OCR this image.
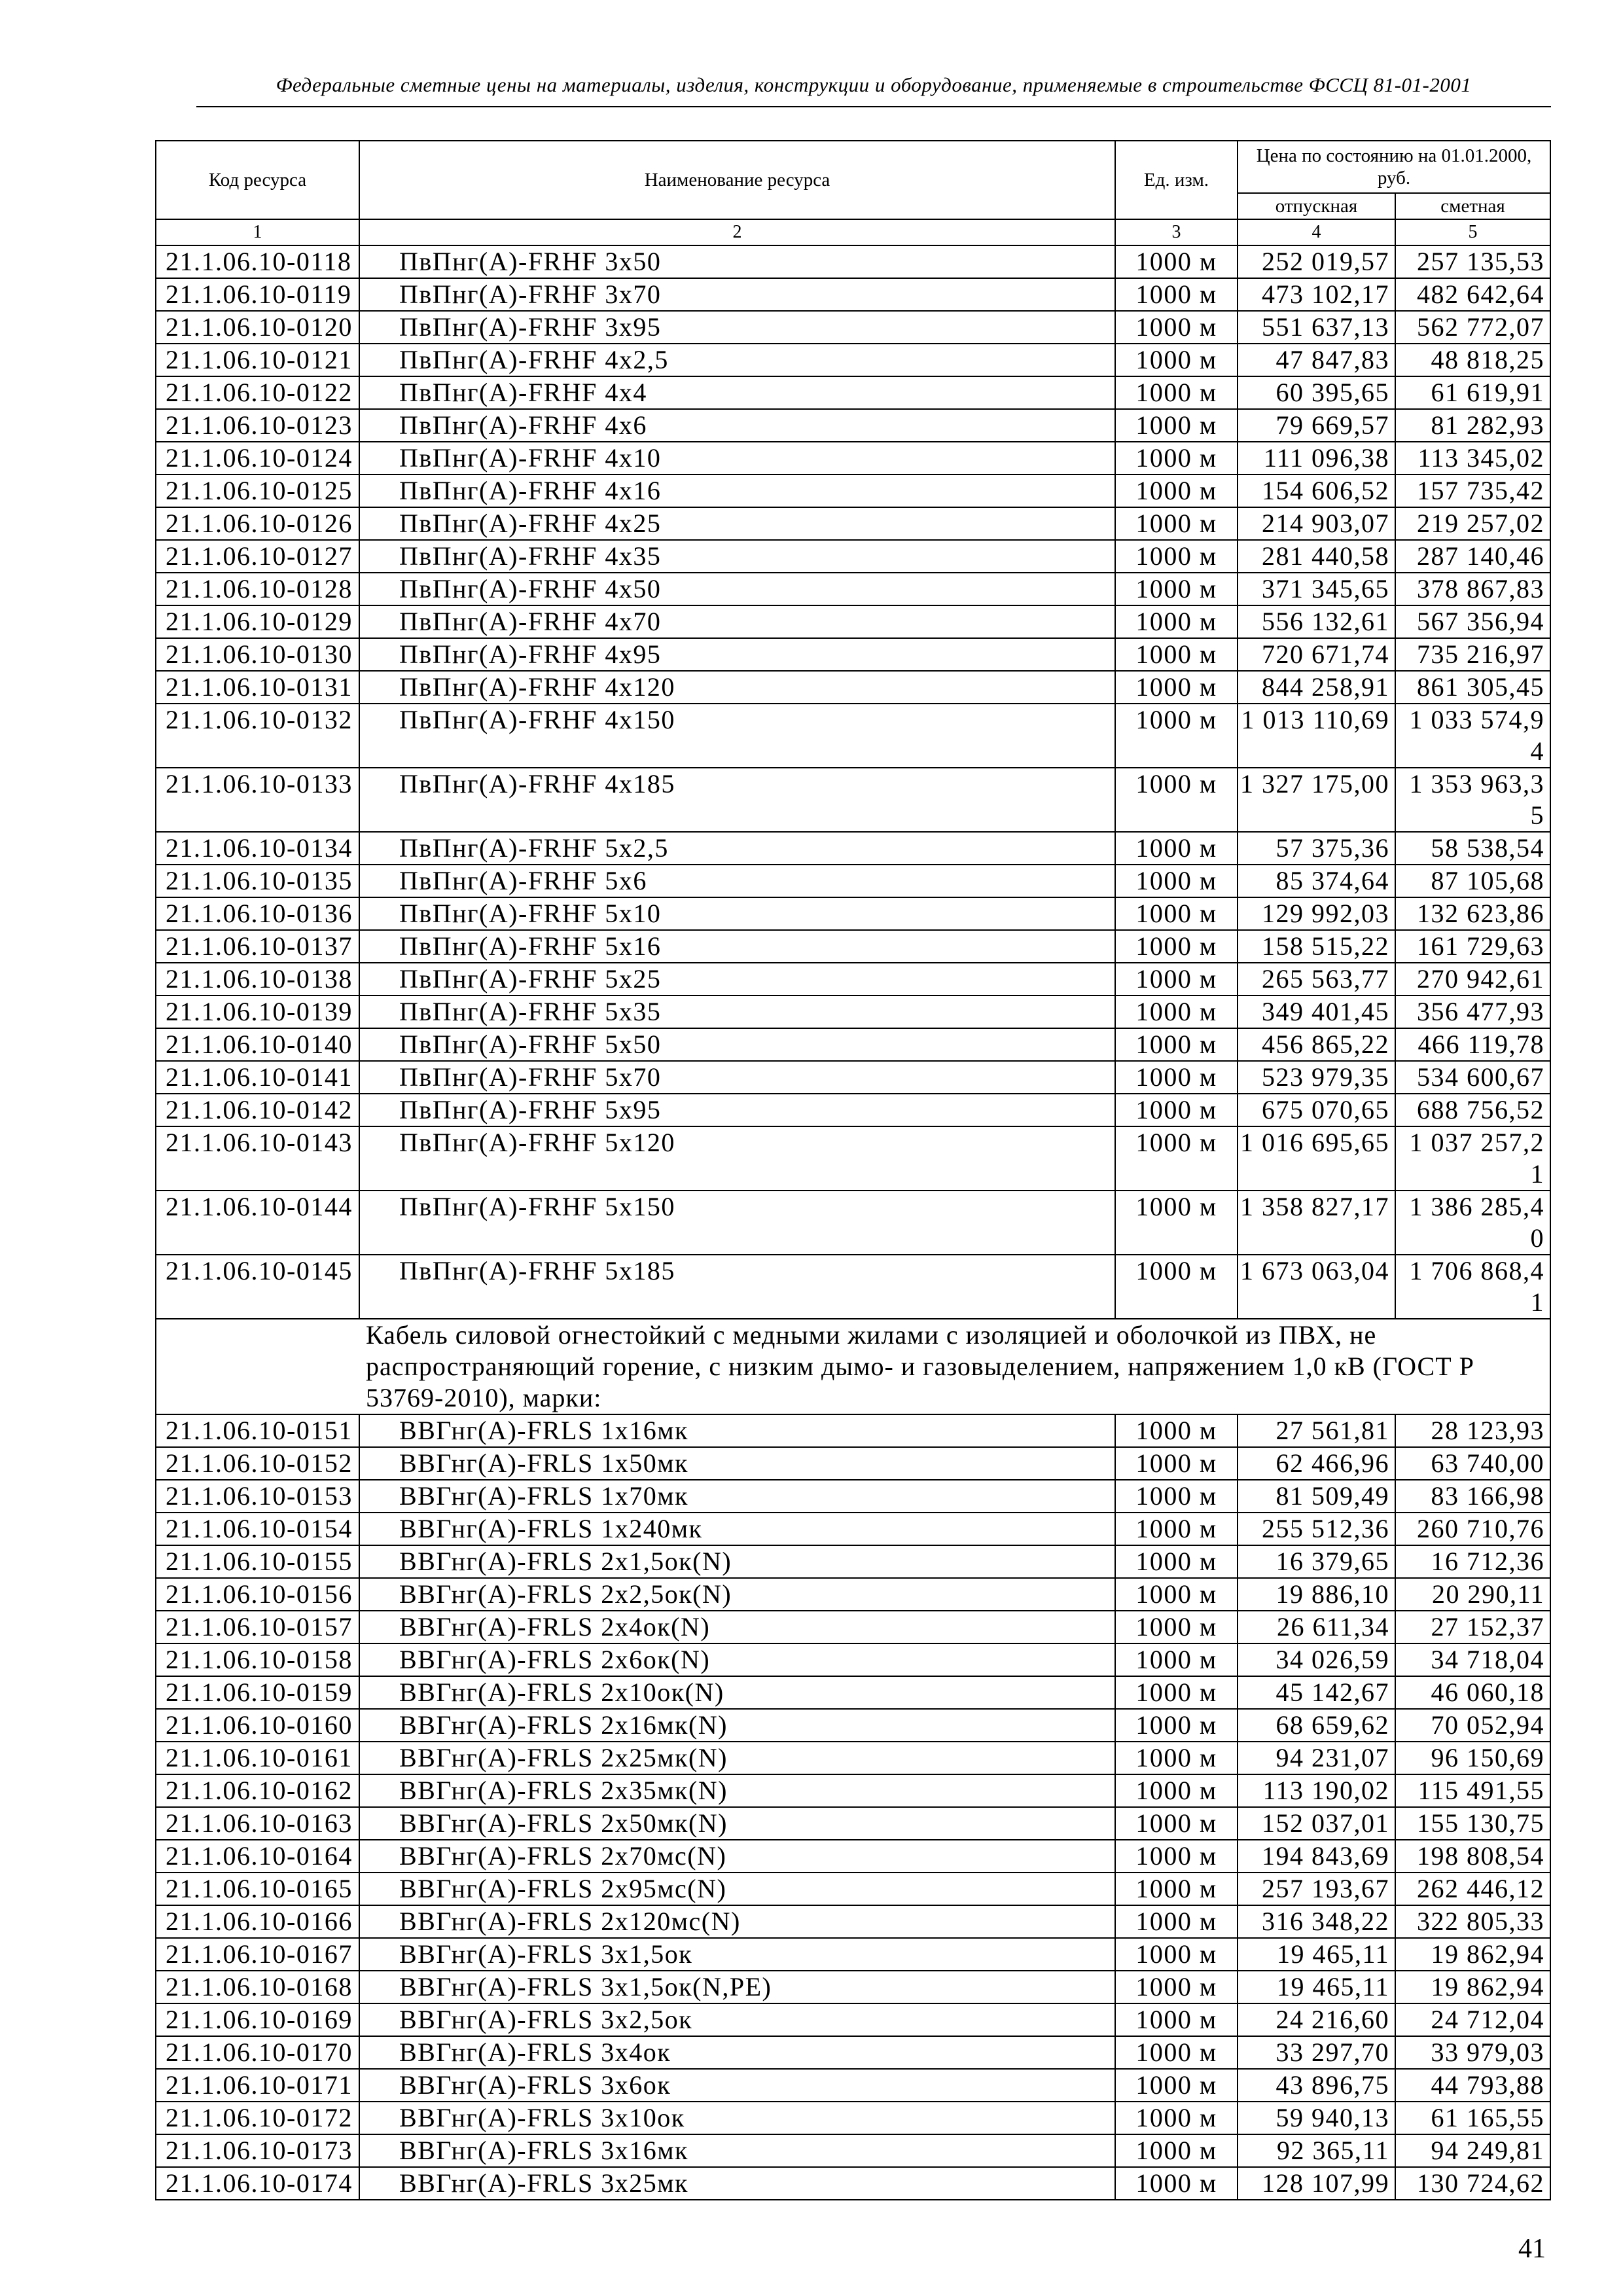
Федеральные сметные цены на материалы, изделия, конструкции и оборудование, применяемые в строительстве ФССЦ 81-01-2001
Код ресурса	Наименование ресурса	Ед. изм.	Цена по состоянию на 01.01.2000, руб.	
			отпускная	сметная
1	2	3	4	5
21.1.06.10-0118	ПвПнг(А)-FRHF 3х50	1000 м	252 019,57	257 135,53
21.1.06.10-0119	ПвПнг(А)-FRHF 3х70	1000 м	473 102,17	482 642,64
21.1.06.10-0120	ПвПнг(А)-FRHF 3х95	1000 м	551 637,13	562 772,07
21.1.06.10-0121	ПвПнг(А)-FRHF 4х2,5	1000 м	47 847,83	48 818,25
21.1.06.10-0122	ПвПнг(А)-FRHF 4х4	1000 м	60 395,65	61 619,91
21.1.06.10-0123	ПвПнг(А)-FRHF 4х6	1000 м	79 669,57	81 282,93
21.1.06.10-0124	ПвПнг(А)-FRHF 4х10	1000 м	111 096,38	113 345,02
21.1.06.10-0125	ПвПнг(А)-FRHF 4х16	1000 м	154 606,52	157 735,42
21.1.06.10-0126	ПвПнг(А)-FRHF 4х25	1000 м	214 903,07	219 257,02
21.1.06.10-0127	ПвПнг(А)-FRHF 4х35	1000 м	281 440,58	287 140,46
21.1.06.10-0128	ПвПнг(А)-FRHF 4х50	1000 м	371 345,65	378 867,83
21.1.06.10-0129	ПвПнг(А)-FRHF 4х70	1000 м	556 132,61	567 356,94
21.1.06.10-0130	ПвПнг(А)-FRHF 4х95	1000 м	720 671,74	735 216,97
21.1.06.10-0131	ПвПнг(А)-FRHF 4х120	1000 м	844 258,91	861 305,45
21.1.06.10-0132	ПвПнг(А)-FRHF 4х150	1000 м	1 013 110,69	1 033 574,94
21.1.06.10-0133	ПвПнг(А)-FRHF 4х185	1000 м	1 327 175,00	1 353 963,35
21.1.06.10-0134	ПвПнг(А)-FRHF 5х2,5	1000 м	57 375,36	58 538,54
21.1.06.10-0135	ПвПнг(А)-FRHF 5х6	1000 м	85 374,64	87 105,68
21.1.06.10-0136	ПвПнг(А)-FRHF 5х10	1000 м	129 992,03	132 623,86
21.1.06.10-0137	ПвПнг(А)-FRHF 5х16	1000 м	158 515,22	161 729,63
21.1.06.10-0138	ПвПнг(А)-FRHF 5х25	1000 м	265 563,77	270 942,61
21.1.06.10-0139	ПвПнг(А)-FRHF 5х35	1000 м	349 401,45	356 477,93
21.1.06.10-0140	ПвПнг(А)-FRHF 5х50	1000 м	456 865,22	466 119,78
21.1.06.10-0141	ПвПнг(А)-FRHF 5х70	1000 м	523 979,35	534 600,67
21.1.06.10-0142	ПвПнг(А)-FRHF 5х95	1000 м	675 070,65	688 756,52
21.1.06.10-0143	ПвПнг(А)-FRHF 5х120	1000 м	1 016 695,65	1 037 257,21
21.1.06.10-0144	ПвПнг(А)-FRHF 5х150	1000 м	1 358 827,17	1 386 285,40
21.1.06.10-0145	ПвПнг(А)-FRHF 5х185	1000 м	1 673 063,04	1 706 868,41
	Кабель силовой огнестойкий с медными жилами с изоляцией и оболочкой из ПВХ, не распространяющий горение, с низким дымо- и газовыделением, напряжением 1,0 кВ (ГОСТ Р 53769-2010), марки:			
21.1.06.10-0151	ВВГнг(А)-FRLS 1х16мк	1000 м	27 561,81	28 123,93
21.1.06.10-0152	ВВГнг(А)-FRLS 1х50мк	1000 м	62 466,96	63 740,00
21.1.06.10-0153	ВВГнг(А)-FRLS 1х70мк	1000 м	81 509,49	83 166,98
21.1.06.10-0154	ВВГнг(А)-FRLS 1х240мк	1000 м	255 512,36	260 710,76
21.1.06.10-0155	ВВГнг(А)-FRLS 2х1,5ок(N)	1000 м	16 379,65	16 712,36
21.1.06.10-0156	ВВГнг(А)-FRLS 2х2,5ок(N)	1000 м	19 886,10	20 290,11
21.1.06.10-0157	ВВГнг(А)-FRLS 2х4ок(N)	1000 м	26 611,34	27 152,37
21.1.06.10-0158	ВВГнг(А)-FRLS 2х6ок(N)	1000 м	34 026,59	34 718,04
21.1.06.10-0159	ВВГнг(А)-FRLS 2х10ок(N)	1000 м	45 142,67	46 060,18
21.1.06.10-0160	ВВГнг(А)-FRLS 2х16мк(N)	1000 м	68 659,62	70 052,94
21.1.06.10-0161	ВВГнг(А)-FRLS 2х25мк(N)	1000 м	94 231,07	96 150,69
21.1.06.10-0162	ВВГнг(А)-FRLS 2х35мк(N)	1000 м	113 190,02	115 491,55
21.1.06.10-0163	ВВГнг(А)-FRLS 2х50мк(N)	1000 м	152 037,01	155 130,75
21.1.06.10-0164	ВВГнг(А)-FRLS 2х70мс(N)	1000 м	194 843,69	198 808,54
21.1.06.10-0165	ВВГнг(А)-FRLS 2х95мс(N)	1000 м	257 193,67	262 446,12
21.1.06.10-0166	ВВГнг(А)-FRLS 2х120мс(N)	1000 м	316 348,22	322 805,33
21.1.06.10-0167	ВВГнг(А)-FRLS 3х1,5ок	1000 м	19 465,11	19 862,94
21.1.06.10-0168	ВВГнг(А)-FRLS 3х1,5ок(N,PE)	1000 м	19 465,11	19 862,94
21.1.06.10-0169	ВВГнг(А)-FRLS 3х2,5ок	1000 м	24 216,60	24 712,04
21.1.06.10-0170	ВВГнг(А)-FRLS 3х4ок	1000 м	33 297,70	33 979,03
21.1.06.10-0171	ВВГнг(А)-FRLS 3х6ок	1000 м	43 896,75	44 793,88
21.1.06.10-0172	ВВГнг(А)-FRLS 3х10ок	1000 м	59 940,13	61 165,55
21.1.06.10-0173	ВВГнг(А)-FRLS 3х16мк	1000 м	92 365,11	94 249,81
21.1.06.10-0174	ВВГнг(А)-FRLS 3х25мк	1000 м	128 107,99	130 724,62
41
